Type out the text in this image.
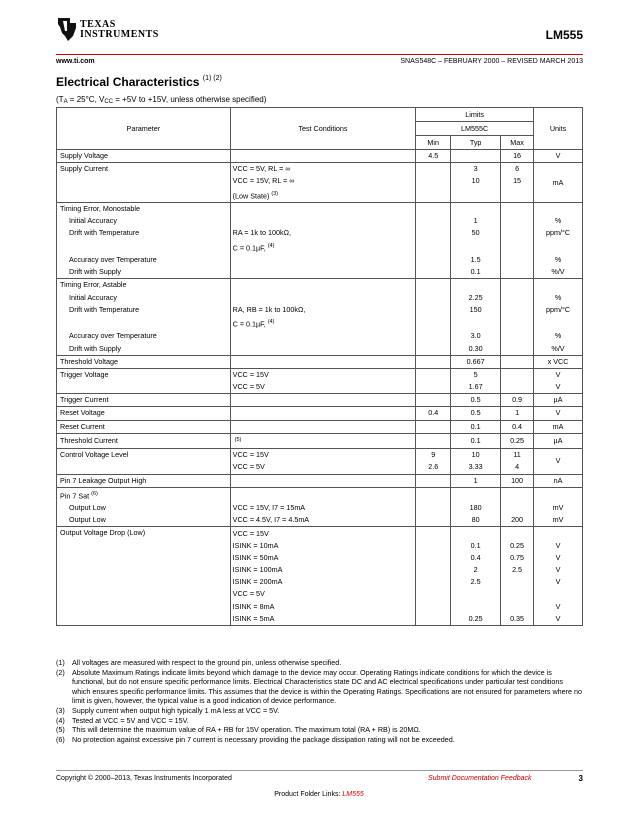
TEXAS
INSTRUMENTS	LM555
www.ti.com	SNAS548C – FEBRUARY 2000 – REVISED MARCH 2013
Electrical Characteristics $^{(1) (2)}$
($T_A = 25^\circ C$, $V_{CC} = +5V$ to +15V, unless otherwise specified)
Parameter	Test Conditions	Limits			Units
		LM555C			
		Min	Typ	Max	
Supply Voltage		4.5		16	V
Supply Current	VCC = 5V, RL = ∞		3	6	mA
	VCC = 15V, RL = ∞		10	15	
	(Low State) $^{(3)}$		
Timing Error, Monostable					
Initial Accuracy			1		%
Drift with Temperature	RA = 1k to 100kΩ,		50		ppm/°C
	C = 0.1µF, $^{(4)}$				
Accuracy over Temperature			1.5		%
Drift with Supply			0.1		%/V
Timing Error, Astable					
Initial Accuracy			2.25		%
Drift with Temperature	RA, RB = 1k to 100kΩ,		150		ppm/°C
	C = 0.1µF, $^{(4)}$				
Accuracy over Temperature			3.0		%
Drift with Supply			0.30		%/V
Threshold Voltage			0.667		x VCC
Trigger Voltage	VCC = 15V		5		V
	VCC = 5V		1.67		V
Trigger Current			0.5	0.9	µA
Reset Voltage		0.4	0.5	1	V
Reset Current			0.1	0.4	mA
Threshold Current	$^{(5)}$		0.1	0.25	µA
Control Voltage Level	VCC = 15V	9	10	11	V
	VCC = 5V	2.6	3.33	4	
Pin 7 Leakage Output High			1	100	nA
Pin 7 Sat $^{(6)}$					
Output Low	VCC = 15V, I7 = 15mA		180		mV
Output Low	VCC = 4.5V, I7 = 4.5mA		80	200	mV
Output Voltage Drop (Low)	VCC = 15V				
	ISINK = 10mA		0.1	0.25	V
	ISINK = 50mA		0.4	0.75	V
	ISINK = 100mA		2	2.5	V
	ISINK = 200mA		2.5		V
	VCC = 5V				
	ISINK = 8mA				V
	ISINK = 5mA		0.25	0.35	V
(1)	All voltages are measured with respect to the ground pin, unless otherwise specified.
(2)	Absolute Maximum Ratings indicate limits beyond which damage to the device may occur. Operating Ratings indicate conditions for which the device is functional, but do not ensure specific performance limits. Electrical Characteristics state DC and AC electrical specifications under particular test conditions which ensures specific performance limits. This assumes that the device is within the Operating Ratings. Specifications are not ensured for parameters where no limit is given, however, the typical value is a good indication of device performance.
(3)	Supply current when output high typically 1 mA less at VCC = 5V.
(4)	Tested at VCC = 5V and VCC = 15V.
(5)	This will determine the maximum value of RA + RB for 15V operation. The maximum total (RA + RB) is 20MΩ.
(6)	No protection against excessive pin 7 current is necessary providing the package dissipation rating will not be exceeded.
Copyright © 2000–2013, Texas Instruments Incorporated	Submit Documentation Feedback	3
Product Folder Links: LM555
